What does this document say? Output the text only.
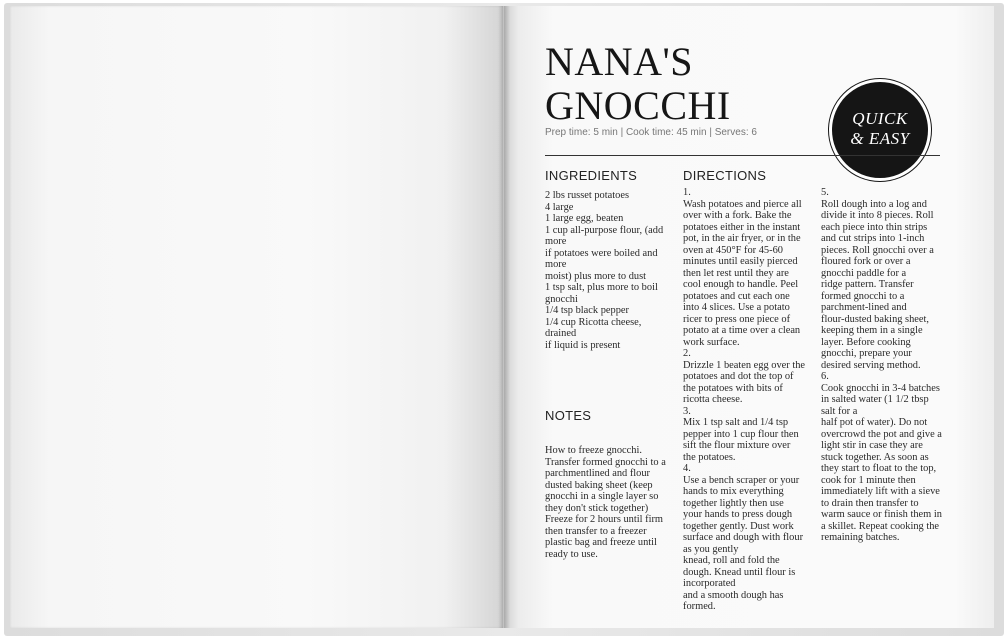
NANA'S
GNOCCHI
Prep time: 5 min | Cook time: 45 min | Serves: 6
QUICK
& EASY
INGREDIENTS	DIRECTIONS
NOTES
2 lbs russet potatoes
4 large
1 large egg, beaten
1 cup all-purpose flour, (add
more
if potatoes were boiled and
more
moist) plus more to dust
1 tsp salt, plus more to boil
gnocchi
1/4 tsp black pepper
1/4 cup Ricotta cheese,
drained
if liquid is present
How to freeze gnocchi.
Transfer formed gnocchi to a
parchmentlined and flour
dusted baking sheet (keep
gnocchi in a single layer so
they don't stick together)
Freeze for 2 hours until firm
then transfer to a freezer
plastic bag and freeze until
ready to use.
1.
Wash potatoes and pierce all
over with a fork. Bake the
potatoes either in the instant
pot, in the air fryer, or in the
oven at 450°F for 45-60
minutes until easily pierced
then let rest until they are
cool enough to handle. Peel
potatoes and cut each one
into 4 slices. Use a potato
ricer to press one piece of
potato at a time over a clean
work surface.
2.
Drizzle 1 beaten egg over the
potatoes and dot the top of
the potatoes with bits of
ricotta cheese.
3.
Mix 1 tsp salt and 1/4 tsp
pepper into 1 cup flour then
sift the flour mixture over
the potatoes.
4.
Use a bench scraper or your
hands to mix everything
together lightly then use
your hands to press dough
together gently. Dust work
surface and dough with flour
as you gently
knead, roll and fold the
dough. Knead until flour is
incorporated
and a smooth dough has
formed.
5.
Roll dough into a log and
divide it into 8 pieces. Roll
each piece into thin strips
and cut strips into 1-inch
pieces. Roll gnocchi over a
floured fork or over a
gnocchi paddle for a
ridge pattern. Transfer
formed gnocchi to a
parchment-lined and
flour-dusted baking sheet,
keeping them in a single
layer. Before cooking
gnocchi, prepare your
desired serving method.
6.
Cook gnocchi in 3-4 batches
in salted water (1 1/2 tbsp
salt for a
half pot of water). Do not
overcrowd the pot and give a
light stir in case they are
stuck together. As soon as
they start to float to the top,
cook for 1 minute then
immediately lift with a sieve
to drain then transfer to
warm sauce or finish them in
a skillet. Repeat cooking the
remaining batches.
